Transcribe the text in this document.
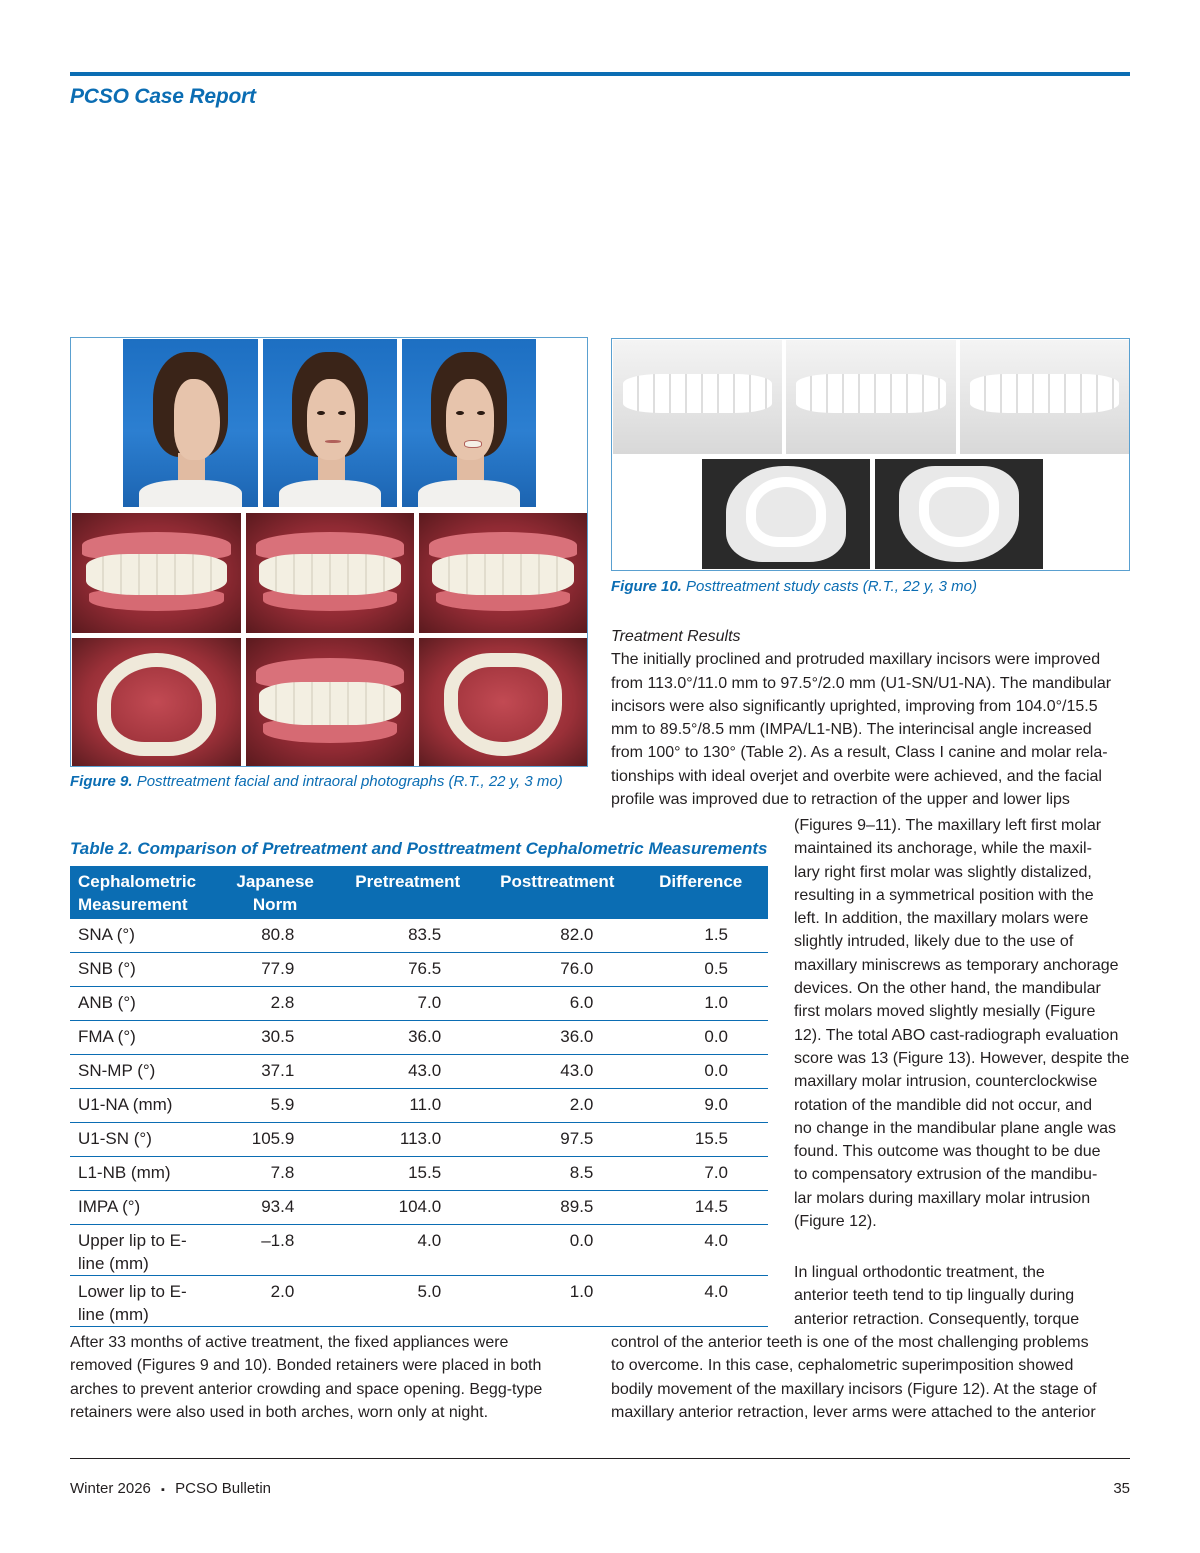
PCSO Case Report
Figure 9. Posttreatment facial and intraoral photographs (R.T., 22 y, 3 mo)
Figure 10. Posttreatment study casts (R.T., 22 y, 3 mo)

Treatment Results

The initially proclined and protruded maxillary incisors were improved

from 113.0°/11.0 mm to 97.5°/2.0 mm (U1-SN/U1-NA). The mandibular

incisors were also significantly uprighted, improving from 104.0°/15.5

mm to 89.5°/8.5 mm (IMPA/L1-NB). The interincisal angle increased

from 100° to 130° (Table 2). As a result, Class I canine and molar rela-

tionships with ideal overjet and overbite were achieved, and the facial

profile was improved due to retraction of the upper and lower lips

(Figures 9–11). The maxillary left first molar

maintained its anchorage, while the maxil-

lary right first molar was slightly distalized,

resulting in a symmetrical position with the

left. In addition, the maxillary molars were

slightly intruded, likely due to the use of

maxillary miniscrews as temporary anchorage

devices. On the other hand, the mandibular

first molars moved slightly mesially (Figure

12). The total ABO cast-radiograph evaluation

score was 13 (Figure 13). However, despite the

maxillary molar intrusion, counterclockwise

rotation of the mandible did not occur, and

no change in the mandibular plane angle was

found. This outcome was thought to be due

to compensatory extrusion of the mandibu-

lar molars during maxillary molar intrusion

(Figure 12).

In lingual orthodontic treatment, the

anterior teeth tend to tip lingually during

anterior retraction. Consequently, torque

control of the anterior teeth is one of the most challenging problems

to overcome. In this case, cephalometric superimposition showed

bodily movement of the maxillary incisors (Figure 12). At the stage of

maxillary anterior retraction, lever arms were attached to the anterior

Table 2. Comparison of Pretreatment and Posttreatment Cephalometric Measurements
Cephalometric Measurement	Japanese Norm	Pretreatment	Posttreatment	Difference
SNA (°)	80.8	83.5	82.0	1.5
SNB (°)	77.9	76.5	76.0	0.5
ANB (°)	2.8	7.0	6.0	1.0
FMA (°)	30.5	36.0	36.0	0.0
SN-MP (°)	37.1	43.0	43.0	0.0
U1-NA (mm)	5.9	11.0	2.0	9.0
U1-SN (°)	105.9	113.0	97.5	15.5
L1-NB (mm)	7.8	15.5	8.5	7.0
IMPA (°)	93.4	104.0	89.5	14.5
Upper lip to E-line (mm)	–1.8	4.0	0.0	4.0
Lower lip to E-line (mm)	2.0	5.0	1.0	4.0

After 33 months of active treatment, the fixed appliances were

removed (Figures 9 and 10). Bonded retainers were placed in both

arches to prevent anterior crowding and space opening. Begg-type

retainers were also used in both arches, worn only at night.

Winter 2026 ▪ PCSO Bulletin	35
